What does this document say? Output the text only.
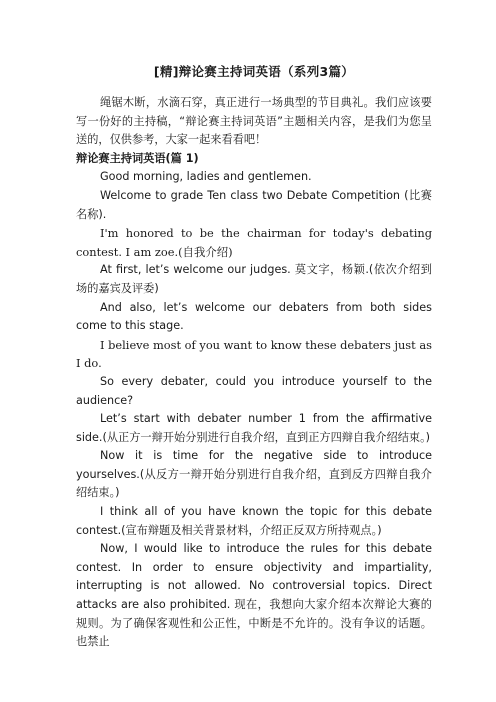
[精]辩论赛主持词英语（系列3篇）

绳锯木断，水滴石穿，真正进行一场典型的节目典礼。我们应该要写一份好的主持稿，“辩论赛主持词英语”主题相关内容，是我们为您呈送的，仅供参考，大家一起来看看吧！

辩论赛主持词英语(篇 1)

Good morning, ladies and gentlemen.

Welcome to grade Ten class two Debate Competition (比赛名称).

I'm honored to be the chairman for today's debating contest. I am zoe.(自我介绍)

At first, let’s welcome our judges. 莫文字，杨颖.(依次介绍到场的嘉宾及评委)

And also, let’s welcome our debaters from both sides come to this stage.

I believe most of you want to know these debaters just as I do.

So every debater, could you introduce yourself to the audience?

Let’s start with debater number 1 from the affirmative side.(从正方一辩开始分别进行自我介绍，直到正方四辩自我介绍结束。)

Now it is time for the negative side to introduce yourselves.(从反方一辩开始分别进行自我介绍，直到反方四辩自我介绍结束。)

I think all of you have known the topic for this debate contest.(宣布辩题及相关背景材料，介绍正反双方所持观点。)

Now, I would like to introduce the rules for this debate contest. In order to ensure objectivity and impartiality, interrupting is not allowed. No controversial topics. Direct attacks are also prohibited. 现在，我想向大家介绍本次辩论大赛的规则。为了确保客观性和公正性，中断是不允许的。没有争议的话题。也禁止
